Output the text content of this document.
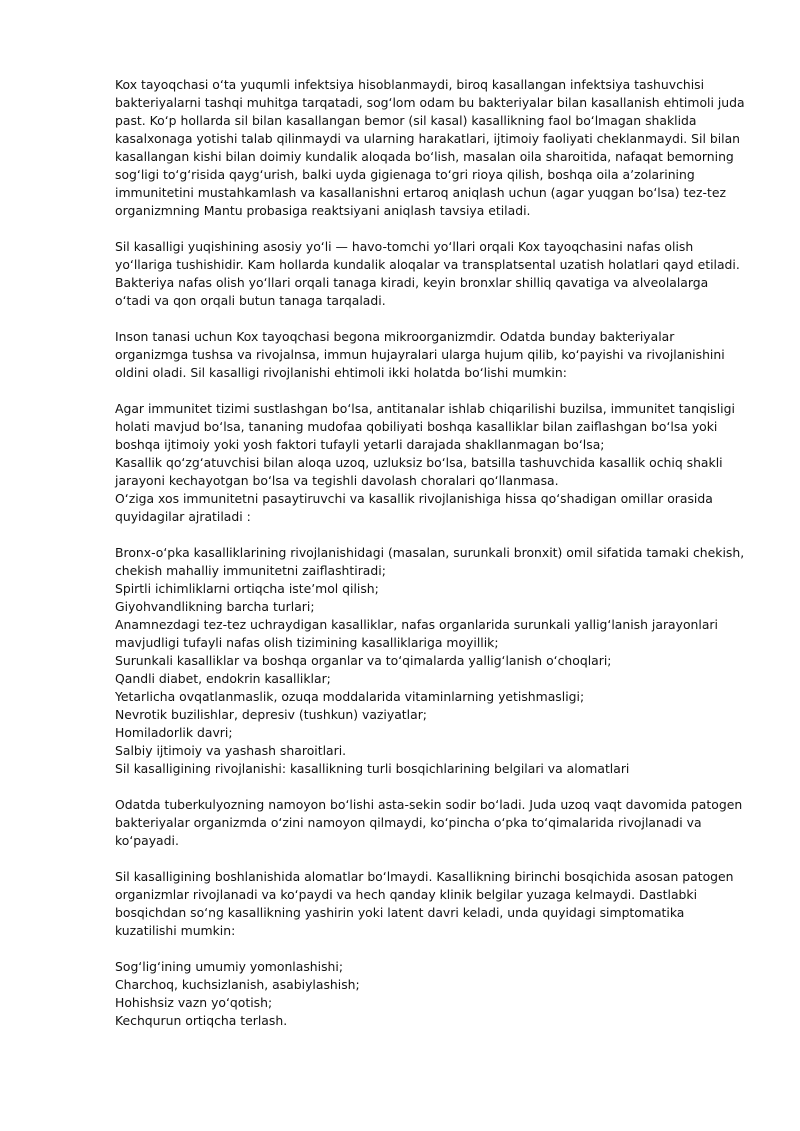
Kox tayoqchasi oʻta yuqumli infektsiya hisoblanmaydi, biroq kasallangan infektsiya tashuvchisi bakteriyalarni tashqi muhitga tarqatadi, sogʻlom odam bu bakteriyalar bilan kasallanish ehtimoli juda past. Koʻp hollarda sil bilan kasallangan bemor (sil kasal) kasallikning faol boʻlmagan shaklida kasalxonaga yotishi talab qilinmaydi va ularning harakatlari, ijtimoiy faoliyati cheklanmaydi. Sil bilan kasallangan kishi bilan doimiy kundalik aloqada boʻlish, masalan oila sharoitida, nafaqat bemorning sogʻligi toʻgʻrisida qaygʻurish, balki uyda gigienaga toʻgri rioya qilish, boshqa oila aʼzolarining immunitetini mustahkamlash va kasallanishni ertaroq aniqlash uchun (agar yuqgan boʻlsa) tez-tez organizmning Mantu probasiga reaktsiyani aniqlash tavsiya etiladi.

Sil kasalligi yuqishining asosiy yoʻli — havo-tomchi yoʻllari orqali Kox tayoqchasini nafas olish yoʻllariga tushishidir. Kam hollarda kundalik aloqalar va transplatsental uzatish holatlari qayd etiladi. Bakteriya nafas olish yoʻllari orqali tanaga kiradi, keyin bronxlar shilliq qavatiga va alveolalarga oʻtadi va qon orqali butun tanaga tarqaladi.

Inson tanasi uchun Kox tayoqchasi begona mikroorganizmdir. Odatda bunday bakteriyalar organizmga tushsa va rivojalnsa, immun hujayralari ularga hujum qilib, koʻpayishi va rivojlanishini oldini oladi. Sil kasalligi rivojlanishi ehtimoli ikki holatda boʻlishi mumkin:

Agar immunitet tizimi sustlashgan boʻlsa, antitanalar ishlab chiqarilishi buzilsa, immunitet tanqisligi holati mavjud boʻlsa, tananing mudofaa qobiliyati boshqa kasalliklar bilan zaiflashgan boʻlsa yoki boshqa ijtimoiy yoki yosh faktori tufayli yetarli darajada shakllanmagan boʻlsa;

Kasallik qoʻzgʻatuvchisi bilan aloqa uzoq, uzluksiz boʻlsa, batsilla tashuvchida kasallik ochiq shakli jarayoni kechayotgan boʻlsa va tegishli davolash choralari qoʻllanmasa.

Oʻziga xos immunitetni pasaytiruvchi va kasallik rivojlanishiga hissa qoʻshadigan omillar orasida quyidagilar ajratiladi :

Bronx-oʻpka kasalliklarining rivojlanishidagi (masalan, surunkali bronxit) omil sifatida tamaki chekish, chekish mahalliy immunitetni zaiflashtiradi;

Spirtli ichimliklarni ortiqcha isteʼmol qilish;

Giyohvandlikning barcha turlari;

Anamnezdagi tez-tez uchraydigan kasalliklar, nafas organlarida surunkali yalligʻlanish jarayonlari mavjudligi tufayli nafas olish tizimining kasalliklariga moyillik;

Surunkali kasalliklar va boshqa organlar va toʻqimalarda yalligʻlanish oʻchoqlari;

Qandli diabet, endokrin kasalliklar;

Yetarlicha ovqatlanmaslik, ozuqa moddalarida vitaminlarning yetishmasligi;

Nevrotik buzilishlar, depresiv (tushkun) vaziyatlar;

Homiladorlik davri;

Salbiy ijtimoiy va yashash sharoitlari.

Sil kasalligining rivojlanishi: kasallikning turli bosqichlarining belgilari va alomatlari

Odatda tuberkulyozning namoyon boʻlishi asta-sekin sodir boʻladi. Juda uzoq vaqt davomida patogen bakteriyalar organizmda oʻzini namoyon qilmaydi, koʻpincha oʻpka toʻqimalarida rivojlanadi va koʻpayadi.

Sil kasalligining boshlanishida alomatlar boʻlmaydi. Kasallikning birinchi bosqichida asosan patogen organizmlar rivojlanadi va koʻpaydi va hech qanday klinik belgilar yuzaga kelmaydi. Dastlabki bosqichdan soʻng kasallikning yashirin yoki latent davri keladi, unda quyidagi simptomatika kuzatilishi mumkin:

Sogʻligʻining umumiy yomonlashishi;

Charchoq, kuchsizlanish, asabiylashish;

Hohishsiz vazn yoʻqotish;

Kechqurun ortiqcha terlash.
